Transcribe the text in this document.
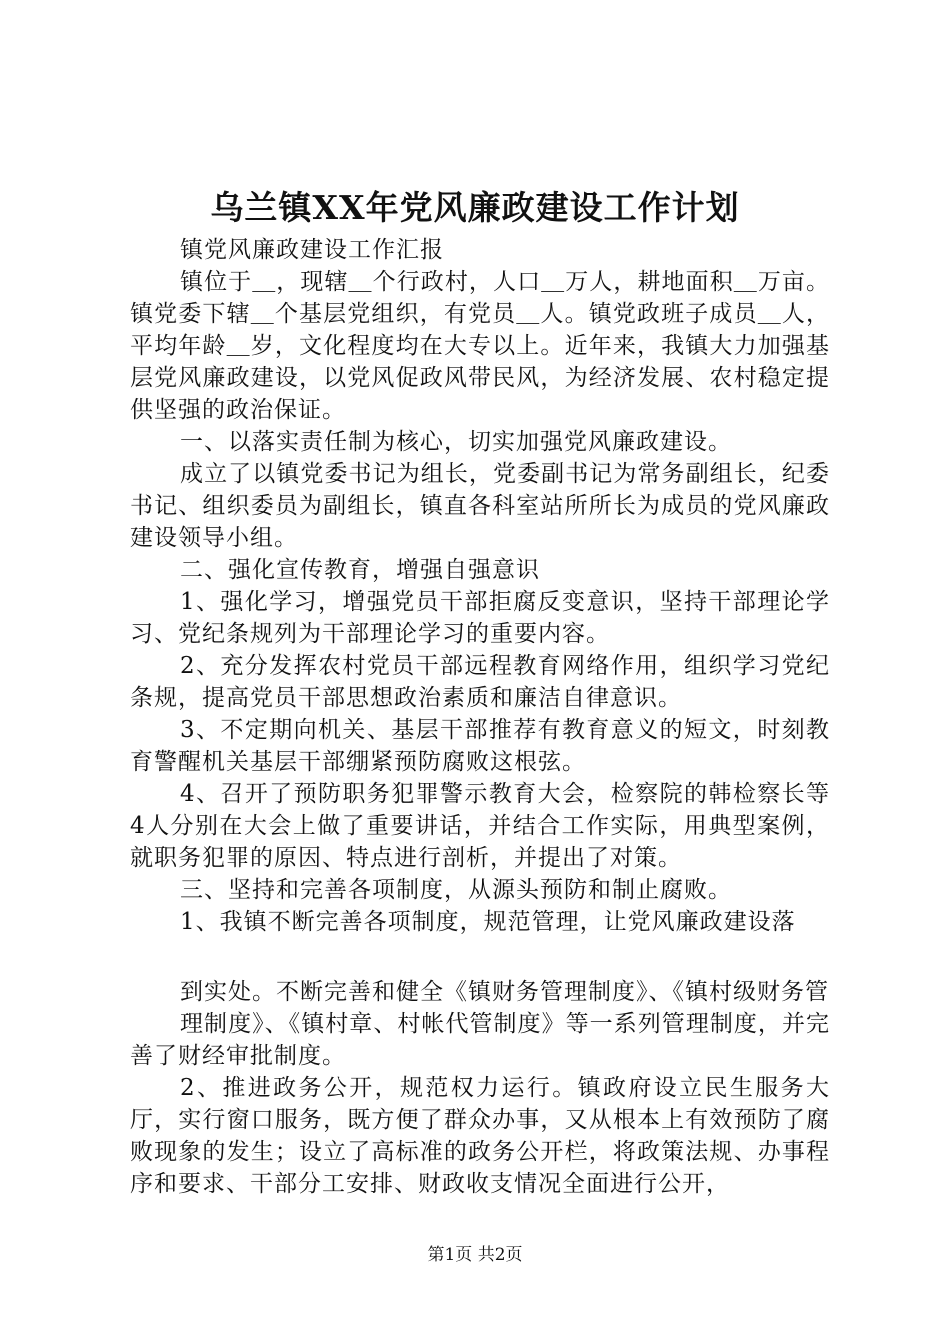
乌兰镇XX年党风廉政建设工作计划

镇党风廉政建设工作汇报

镇位于＿，现辖＿个行政村，人口＿万人，耕地面积＿万亩。镇党委下辖＿个基层党组织，有党员＿人。镇党政班子成员＿人，平均年龄＿岁，文化程度均在大专以上。近年来，我镇大力加强基层党风廉政建设，以党风促政风带民风，为经济发展、农村稳定提供坚强的政治保证。

一、以落实责任制为核心，切实加强党风廉政建设。

成立了以镇党委书记为组长，党委副书记为常务副组长，纪委书记、组织委员为副组长，镇直各科室站所所长为成员的党风廉政建设领导小组。

二、强化宣传教育，增强自强意识

1、强化学习，增强党员干部拒腐反变意识，坚持干部理论学习、党纪条规列为干部理论学习的重要内容。

2、充分发挥农村党员干部远程教育网络作用，组织学习党纪条规，提高党员干部思想政治素质和廉洁自律意识。

3、不定期向机关、基层干部推荐有教育意义的短文，时刻教育警醒机关基层干部绷紧预防腐败这根弦。

4、召开了预防职务犯罪警示教育大会，检察院的韩检察长等4人分别在大会上做了重要讲话，并结合工作实际，用典型案例，就职务犯罪的原因、特点进行剖析，并提出了对策。

三、坚持和完善各项制度，从源头预防和制止腐败。

1、我镇不断完善各项制度，规范管理，让党风廉政建设落

到实处。不断完善和健全《镇财务管理制度》、《镇村级财务管

理制度》、《镇村章、村帐代管制度》等一系列管理制度，并完善了财经审批制度。

2、推进政务公开，规范权力运行。镇政府设立民生服务大厅，实行窗口服务，既方便了群众办事，又从根本上有效预防了腐败现象的发生；设立了高标准的政务公开栏，将政策法规、办事程序和要求、干部分工安排、财政收支情况全面进行公开，

第1页 共2页
